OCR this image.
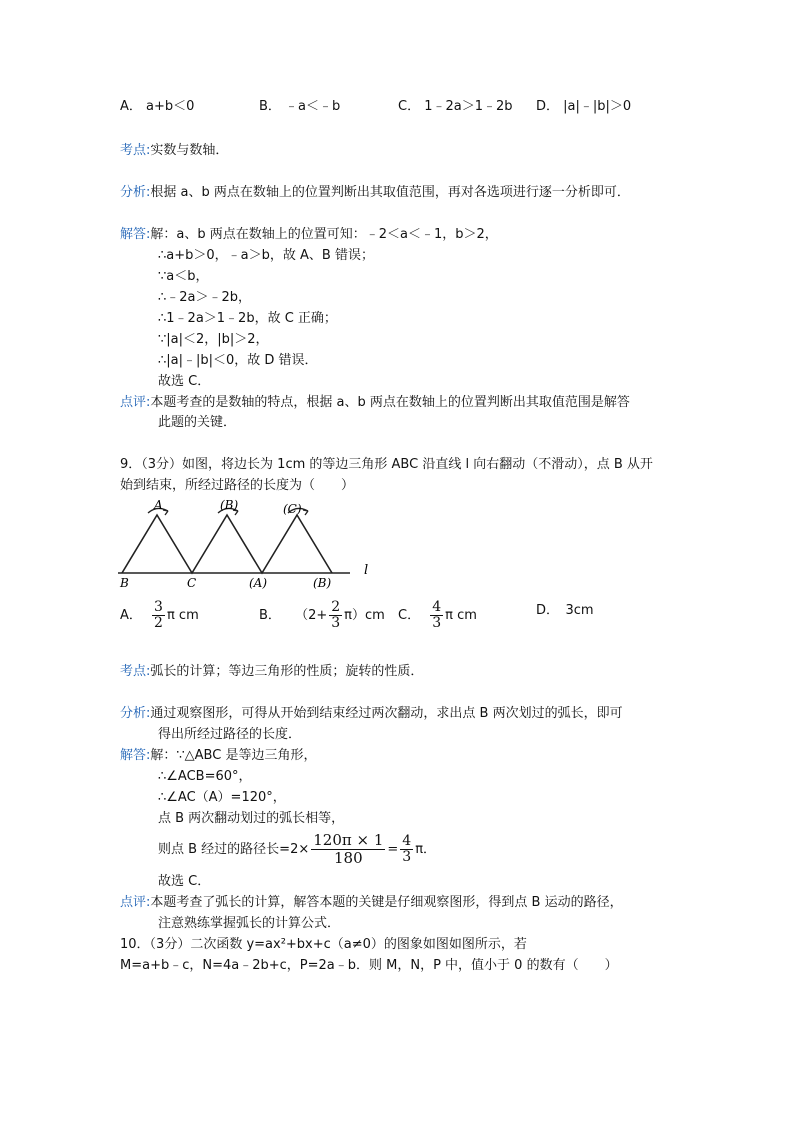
A． a+b＜0	B． ﹣a＜﹣b	C． 1﹣2a＞1﹣2b D． |a|﹣|b|＞0
考点:实数与数轴．
分析:根据 a、b 两点在数轴上的位置判断出其取值范围，再对各选项进行逐一分析即可．
解答:解：a、b 两点在数轴上的位置可知：﹣2＜a＜﹣1，b＞2，
∴a+b＞0，﹣a＞b，故 A、B 错误；
∵a＜b，
∴﹣2a＞﹣2b，
∴1﹣2a＞1﹣2b，故 C 正确；
∵|a|＜2，|b|＞2，
∴|a|﹣|b|＜0，故 D 错误．
故选 C．
点评:本题考查的是数轴的特点，根据 a、b 两点在数轴上的位置判断出其取值范围是解答
此题的关键．
9．（3分）如图，将边长为 1cm 的等边三角形 ABC 沿直线 l 向右翻动（不滑动），点 B 从开
始到结束，所经过路径的长度为（　　）
A	(B)	(C)
B	C	(A)	(B)
l
A． $\frac{3}{2}$ π cm	B． $(2+ \frac{2}{3} \pi)cm$ C． $\frac{4}{3}$ π cm	D．　3cm
考点:弧长的计算；等边三角形的性质；旋转的性质．
分析:通过观察图形，可得从开始到结束经过两次翻动，求出点 B 两次划过的弧长，即可
得出所经过路径的长度．
解答:解：∵△ABC 是等边三角形，
∴∠ACB=60°，
∴∠AC（A）=120°，
点 B 两次翻动划过的弧长相等，
则点 B 经过的路径长$=2\times \frac{120\pi \times 1}{180} = \frac{4}{3}$ π．
故选 C．
点评:本题考查了弧长的计算，解答本题的关键是仔细观察图形，得到点 B 运动的路径，
注意熟练掌握弧长的计算公式．
10．（3分）二次函数 y=ax²+bx+c（a≠0）的图象如图如图所示，若
M=a+b﹣c，N=4a﹣2b+c，P=2a﹣b．则 M，N，P 中，值小于 0 的数有（　　）
